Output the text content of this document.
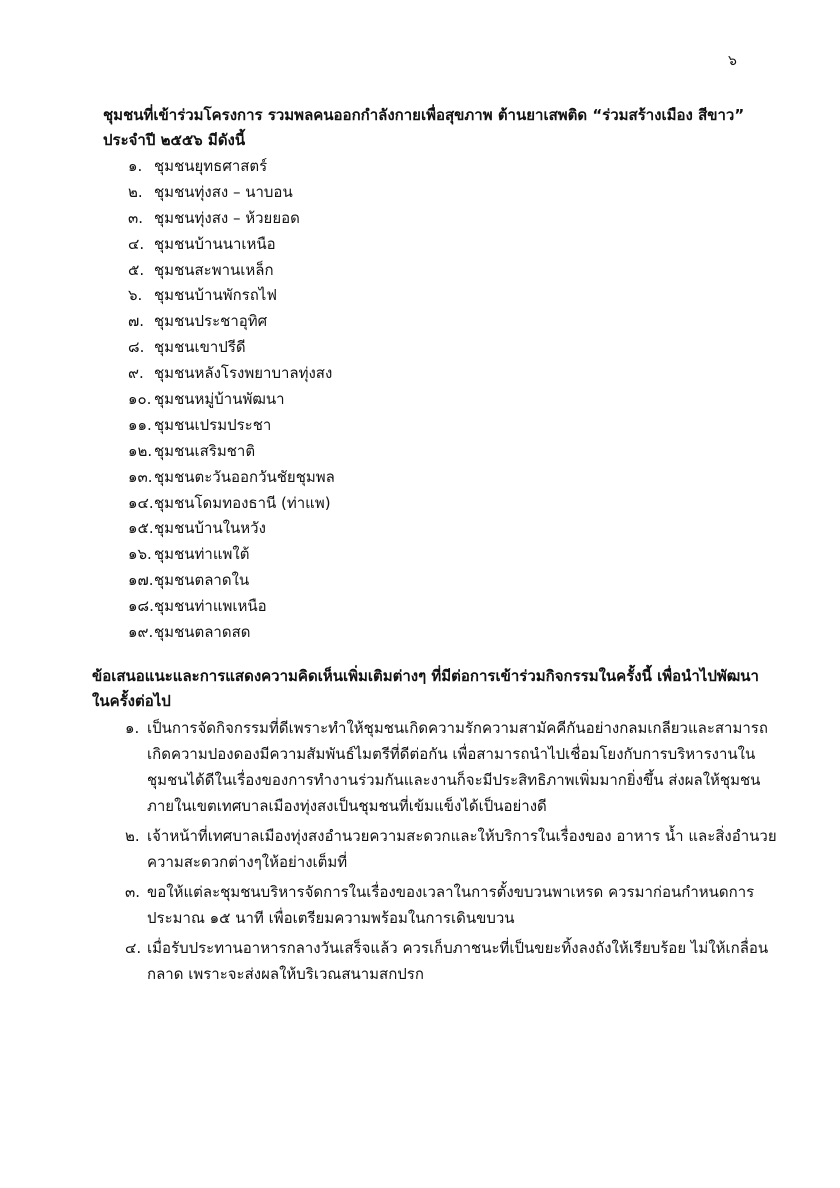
๖
ชุมชนที่เข้าร่วมโครงการ รวมพลคนออกกำลังกายเพื่อสุขภาพ ต้านยาเสพติด “ร่วมสร้างเมือง สีขาว”
ประจำปี ๒๕๕๖ มีดังนี้
๑. ชุมชนยุทธศาสตร์
๒. ชุมชนทุ่งสง – นาบอน
๓. ชุมชนทุ่งสง – ห้วยยอด
๔. ชุมชนบ้านนาเหนือ
๕. ชุมชนสะพานเหล็ก
๖. ชุมชนบ้านพักรถไฟ
๗. ชุมชนประชาอุทิศ
๘. ชุมชนเขาปรีดี
๙. ชุมชนหลังโรงพยาบาลทุ่งสง
๑๐. ชุมชนหมู่บ้านพัฒนา
๑๑. ชุมชนเปรมประชา
๑๒. ชุมชนเสริมชาติ
๑๓. ชุมชนตะวันออกวันชัยชุมพล
๑๔. ชุมชนโดมทองธานี (ท่าแพ)
๑๕. ชุมชนบ้านในหวัง
๑๖. ชุมชนท่าแพใต้
๑๗. ชุมชนตลาดใน
๑๘. ชุมชนท่าแพเหนือ
๑๙. ชุมชนตลาดสด
ข้อเสนอแนะและการแสดงความคิดเห็นเพิ่มเติมต่างๆ ที่มีต่อการเข้าร่วมกิจกรรมในครั้งนี้ เพื่อนำไปพัฒนา
ในครั้งต่อไป
๑. เป็นการจัดกิจกรรมที่ดีเพราะทำให้ชุมชนเกิดความรักความสามัคคีกันอย่างกลมเกลียวและสามารถ
เกิดความปองดองมีความสัมพันธ์ไมตรีที่ดีต่อกัน เพื่อสามารถนำไปเชื่อมโยงกับการบริหารงานใน
ชุมชนได้ดีในเรื่องของการทำงานร่วมกันและงานก็จะมีประสิทธิภาพเพิ่มมากยิ่งขึ้น ส่งผลให้ชุมชน
ภายในเขตเทศบาลเมืองทุ่งสงเป็นชุมชนที่เข้มแข็งได้เป็นอย่างดี
๒. เจ้าหน้าที่เทศบาลเมืองทุ่งสงอำนวยความสะดวกและให้บริการในเรื่องของ อาหาร น้ำ และสิ่งอำนวย
ความสะดวกต่างๆให้อย่างเต็มที่
๓. ขอให้แต่ละชุมชนบริหารจัดการในเรื่องของเวลาในการตั้งขบวนพาเหรด ควรมาก่อนกำหนดการ
ประมาณ ๑๕ นาที เพื่อเตรียมความพร้อมในการเดินขบวน
๔. เมื่อรับประทานอาหารกลางวันเสร็จแล้ว ควรเก็บภาชนะที่เป็นขยะทิ้งลงถังให้เรียบร้อย ไม่ให้เกลื่อน
กลาด เพราะจะส่งผลให้บริเวณสนามสกปรก
